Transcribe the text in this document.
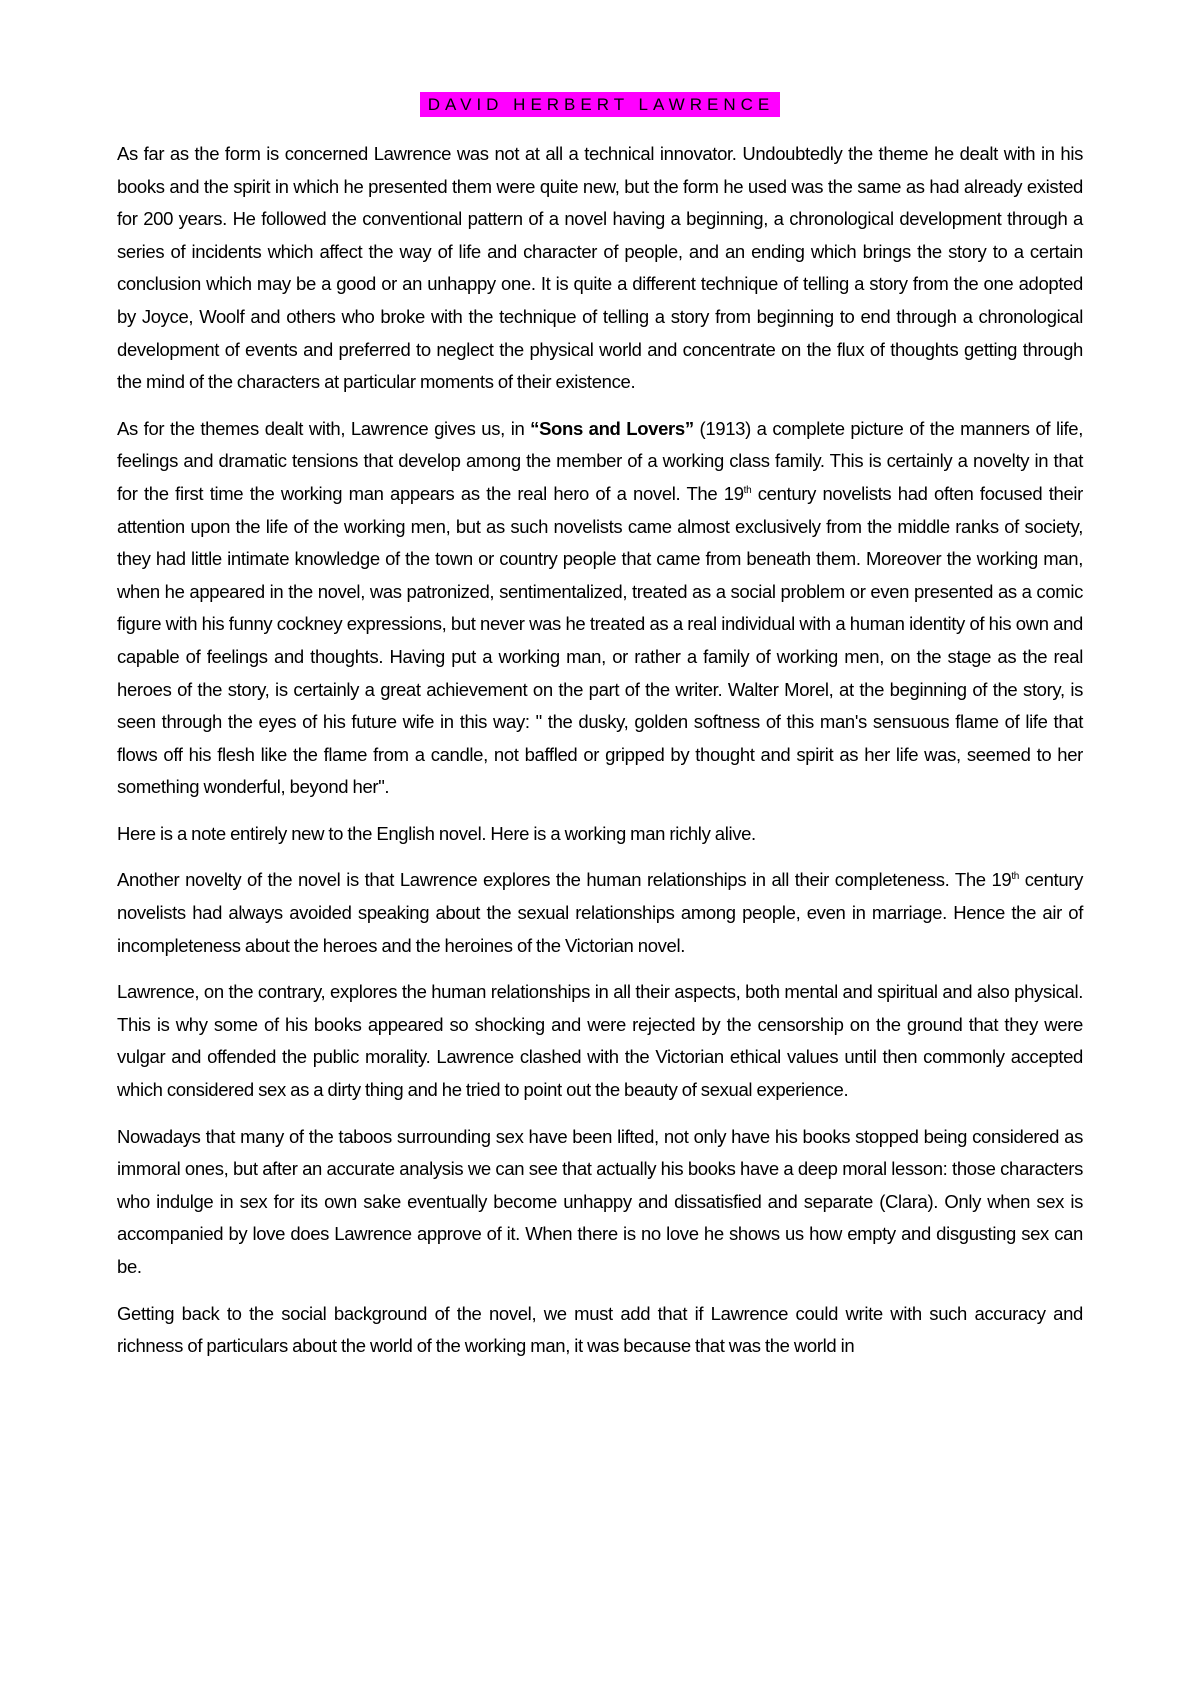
DAVID HERBERT LAWRENCE

As far as the form is concerned Lawrence was not at all a technical innovator. Undoubtedly the theme he dealt with in his books and the spirit in which he presented them were quite new, but the form he used was the same as had already existed for 200 years. He followed the conventional pattern of a novel having a beginning, a chronological development through a series of incidents which affect the way of life and character of people, and an ending which brings the story to a certain conclusion which may be a good or an unhappy one. It is quite a different technique of telling a story from the one adopted by Joyce, Woolf and others who broke with the technique of telling a story from beginning to end through a chronological development of events and preferred to neglect the physical world and concentrate on the flux of thoughts getting through the mind of the characters at particular moments of their existence.

As for the themes dealt with, Lawrence gives us, in “Sons and Lovers” (1913) a complete picture of the manners of life, feelings and dramatic tensions that develop among the member of a working class family. This is certainly a novelty in that for the first time the working man appears as the real hero of a novel. The 19th century novelists had often focused their attention upon the life of the working men, but as such novelists came almost exclusively from the middle ranks of society, they had little intimate knowledge of the town or country people that came from beneath them. Moreover the working man, when he appeared in the novel, was patronized, sentimentalized, treated as a social problem or even presented as a comic figure with his funny cockney expressions, but never was he treated as a real individual with a human identity of his own and capable of feelings and thoughts. Having put a working man, or rather a family of working men, on the stage as the real heroes of the story, is certainly a great achievement on the part of the writer. Walter Morel, at the beginning of the story, is seen through the eyes of his future wife in this way: " the dusky, golden softness of this man's sensuous flame of life that flows off his flesh like the flame from a candle, not baffled or gripped by thought and spirit as her life was, seemed to her something wonderful, beyond her".

Here is a note entirely new to the English novel. Here is a working man richly alive.

Another novelty of the novel is that Lawrence explores the human relationships in all their completeness. The 19th century novelists had always avoided speaking about the sexual relationships among people, even in marriage. Hence the air of incompleteness about the heroes and the heroines of the Victorian novel.

Lawrence, on the contrary, explores the human relationships in all their aspects, both mental and spiritual and also physical. This is why some of his books appeared so shocking and were rejected by the censorship on the ground that they were vulgar and offended the public morality. Lawrence clashed with the Victorian ethical values until then commonly accepted which considered sex as a dirty thing and he tried to point out the beauty of sexual experience.

Nowadays that many of the taboos surrounding sex have been lifted, not only have his books stopped being considered as immoral ones, but after an accurate analysis we can see that actually his books have a deep moral lesson: those characters who indulge in sex for its own sake eventually become unhappy and dissatisfied and separate (Clara). Only when sex is accompanied by love does Lawrence approve of it. When there is no love he shows us how empty and disgusting sex can be.

Getting back to the social background of the novel, we must add that if Lawrence could write with such accuracy and richness of particulars about the world of the working man, it was because that was the world in
